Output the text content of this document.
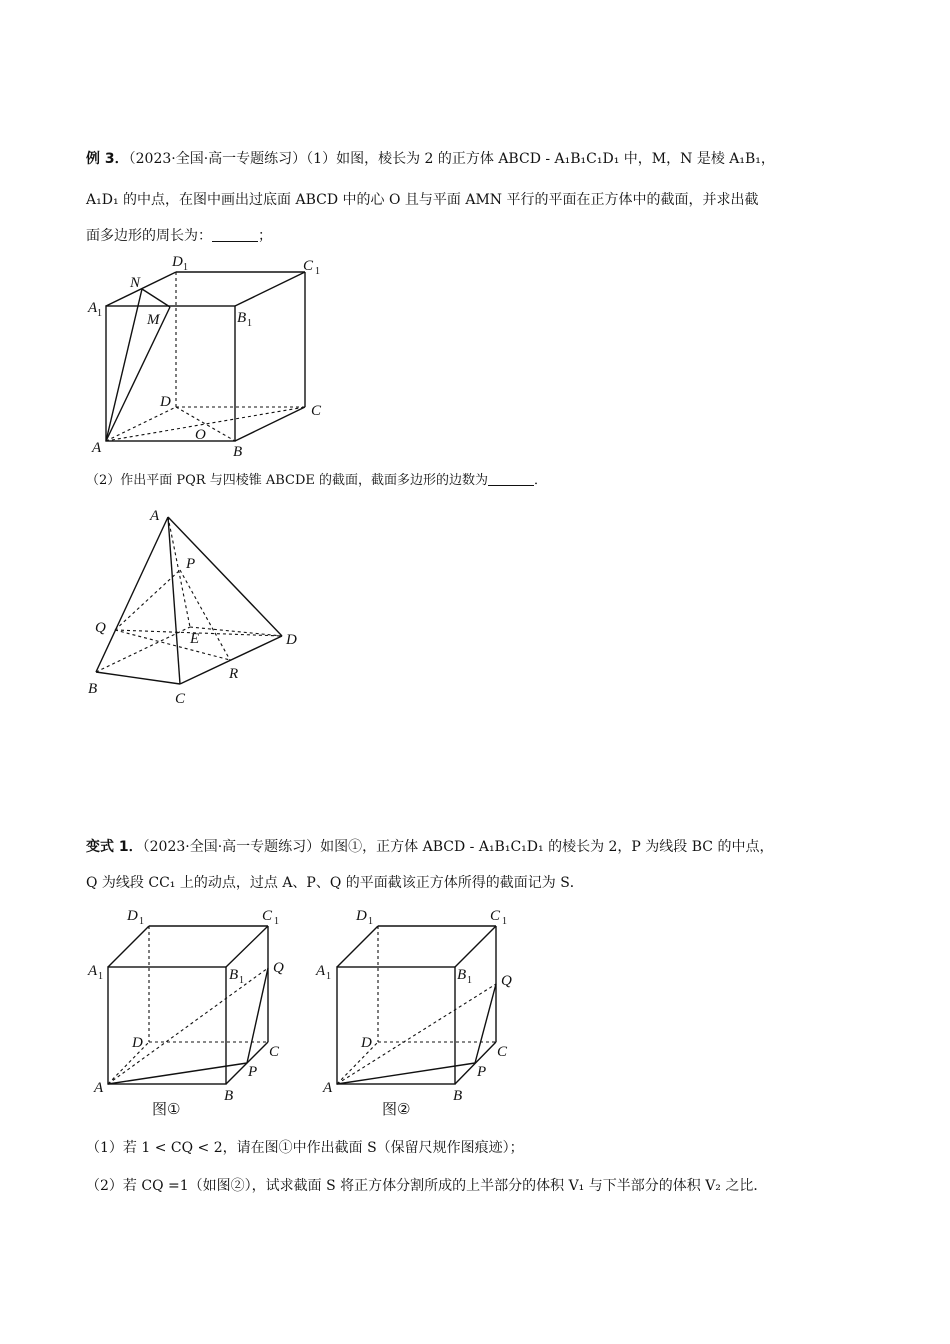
例 3．（2023·全国·高一专题练习）（1）如图，棱长为 2 的正方体 ABCD - A₁B₁C₁D₁ 中，M，N 是棱 A₁B₁，
A₁D₁ 的中点，在图中画出过底面 ABCD 中的心 O 且与平面 AMN 平行的平面在正方体中的截面，并求出截
面多边形的周长为：	；
D 1	C 1
N
A 1	M	B 1
D
C
O
A	B
（2）作出平面 PQR 与四棱锥 ABCDE 的截面，截面多边形的边数为	．
A
P
Q
E	D
R
B
C
变式 1．（2023·全国·高一专题练习）如图①，正方体 ABCD - A₁B₁C₁D₁ 的棱长为 2，P 为线段 BC 的中点，
Q 为线段 CC₁ 上的动点，过点 A、P、Q 的平面截该正方体所得的截面记为 S．
D 1	C 1
A 1	B 1
Q
D
C
P
A	B
图①
D 1	C 1
A 1	B 1 Q
D
C
P
A	B
图②
（1）若 1 < CQ < 2，请在图①中作出截面 S（保留尺规作图痕迹）；
（2）若 CQ =1（如图②），试求截面 S 将正方体分割所成的上半部分的体积 V₁ 与下半部分的体积 V₂ 之比．
